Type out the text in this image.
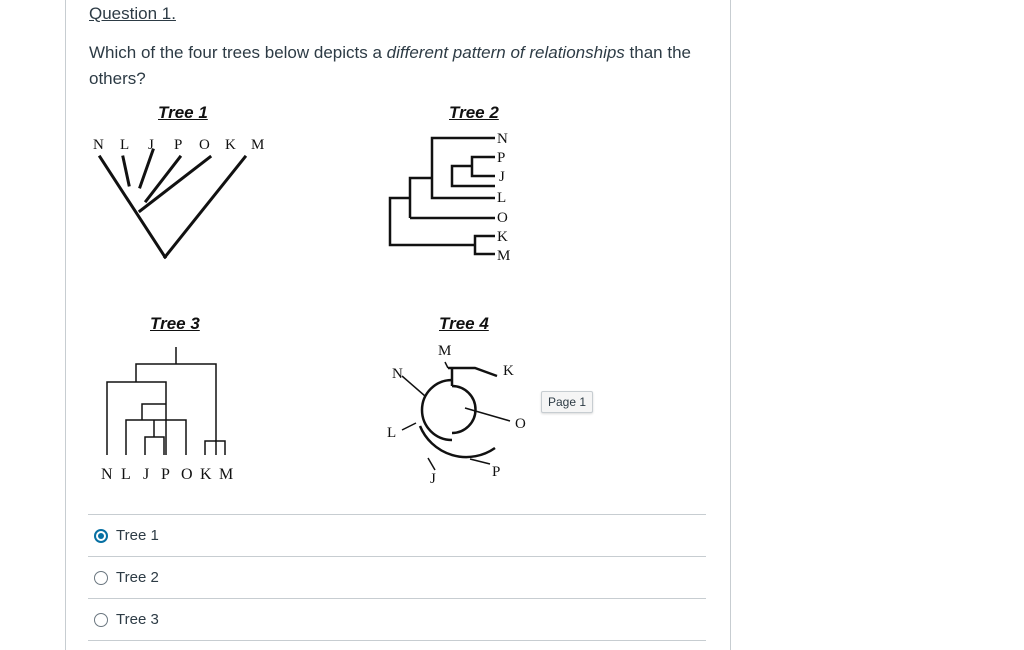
Question 1.
Which of the four trees below depicts a different pattern of relationships than the others?
Tree 1
N L J P O K M
Tree 2
N
P
J
L
O
K
M
Tree 3
N L J P O K M
Tree 4
M
K
O
P
J
L
N
Page 1
Tree 1
Tree 2
Tree 3
